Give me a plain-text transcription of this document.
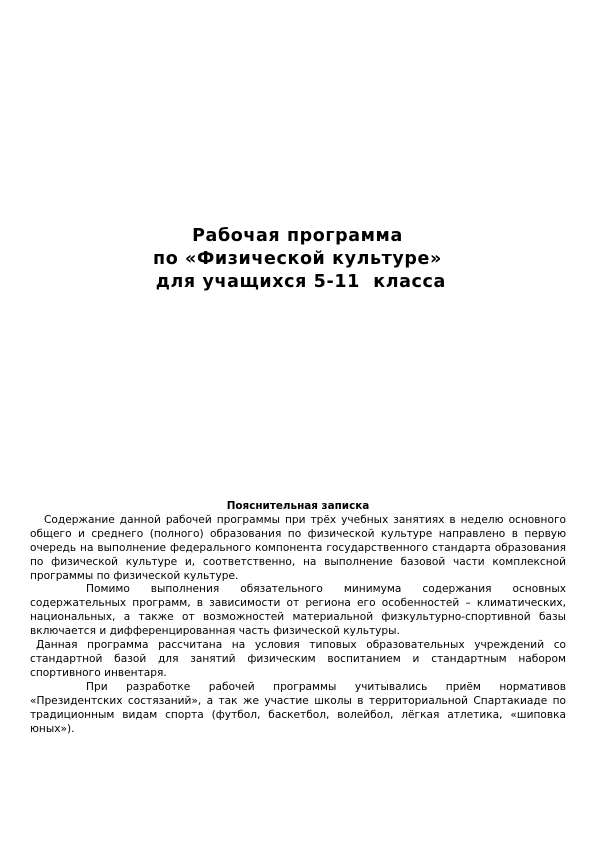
Рабочая программа
по «Физической культуре»
для учащихся 5-11  класса
Пояснительная записка

Содержание данной рабочей программы при трёх учебных занятиях в неделю основного общего и среднего (полного) образования по физической культуре направлено в первую очередь на выполнение федерального компонента государственного стандарта образования по физической культуре и, соответственно, на выполнение базовой части комплексной программы по физической культуре.

Помимо выполнения обязательного минимума содержания основных содержательных программ, в зависимости от региона его особенностей – климатических, национальных, а также от возможностей материальной физкультурно-спортивной базы включается и дифференцированная часть физической культуры.

Данная программа рассчитана на условия типовых образовательных учреждений со стандартной базой для занятий физическим воспитанием и стандартным набором спортивного инвентаря.

При разработке рабочей программы учитывались приём нормативов «Президентских состязаний», а так же участие школы в территориальной Спартакиаде по традиционным видам спорта (футбол, баскетбол, волейбол, лёгкая атлетика, «шиповка юных»).
